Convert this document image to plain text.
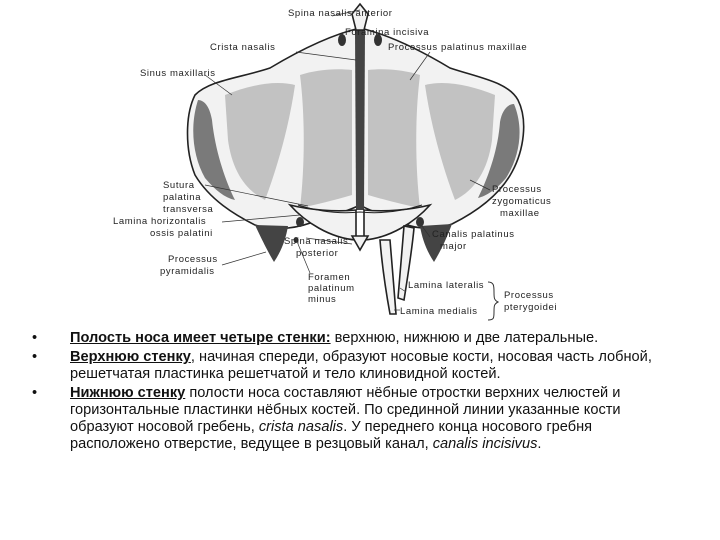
Spina nasalis anterior
Foramina incisiva
Crista nasalis	Processus palatinus maxillae
Sinus maxillaris
Sutura
palatina
transversa
Lamina horizontalis
ossis palatini
Processus
pyramidalis
Spina nasalis
posterior
Foramen
palatinum
minus
Processus
zygomaticus
maxillae
Canalis palatinus
major
Lamina lateralis
Lamina medialis
Processus
pterygoidei
• Полость носа имеет четыре стенки: верхнюю, нижнюю и две латеральные.
• Верхнюю стенку, начиная спереди, образуют носовые кости, носовая часть лобной, решетчатая пластинка решетчатой и тело клиновидной костей.
• Нижнюю стенку полости носа составляют нёбные отростки верхних челюстей и горизонтальные пластинки нёбных костей. По срединной линии указанные кости образуют носовой гребень, crista nasalis. У переднего конца носового гребня расположено отверстие, ведущее в резцовый канал, canalis incisivus.
